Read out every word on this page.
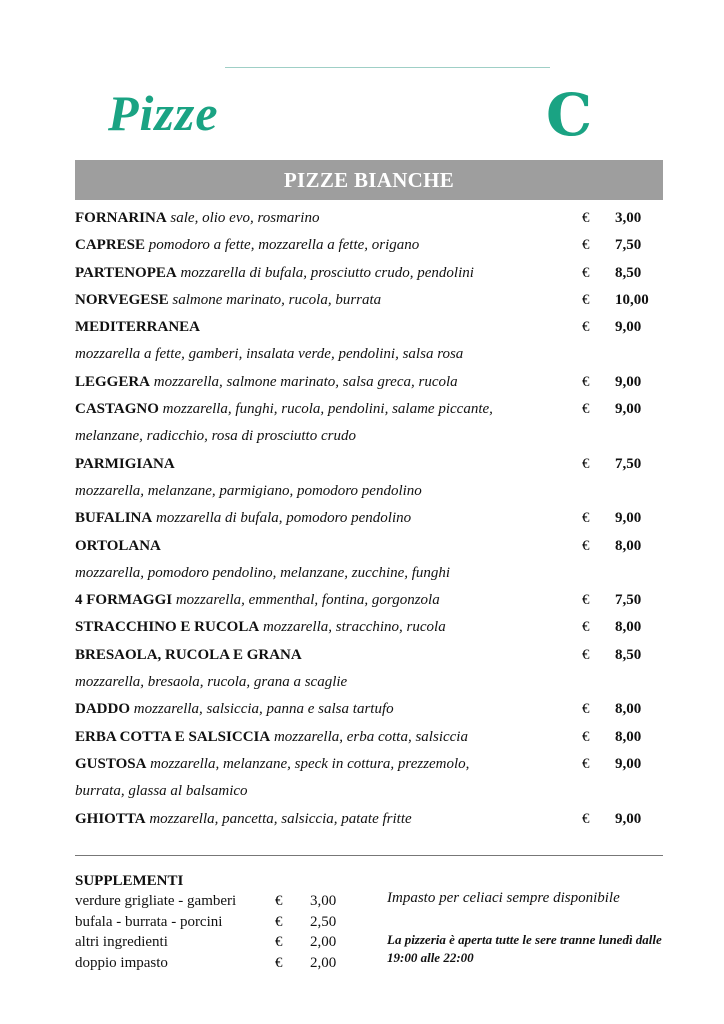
Pizze	C
PIZZE BIANCHE
FORNARINA sale, olio evo, rosmarino	€ 3,00
CAPRESE pomodoro a fette, mozzarella a fette, origano	€ 7,50
PARTENOPEA mozzarella di bufala, prosciutto crudo, pendolini	€ 8,50
NORVEGESE salmone marinato, rucola, burrata	€ 10,00
MEDITERRANEA	€ 9,00
mozzarella a fette, gamberi, insalata verde, pendolini, salsa rosa
LEGGERA mozzarella, salmone marinato, salsa greca, rucola	€ 9,00
CASTAGNO mozzarella, funghi, rucola, pendolini, salame piccante,	€ 9,00
melanzane, radicchio, rosa di prosciutto crudo
PARMIGIANA	€ 7,50
mozzarella, melanzane, parmigiano, pomodoro pendolino
BUFALINA mozzarella di bufala, pomodoro pendolino	€ 9,00
ORTOLANA	€ 8,00
mozzarella, pomodoro pendolino, melanzane, zucchine, funghi
4 FORMAGGI mozzarella, emmenthal, fontina, gorgonzola	€ 7,50
STRACCHINO E RUCOLA mozzarella, stracchino, rucola	€ 8,00
BRESAOLA, RUCOLA E GRANA	€ 8,50
mozzarella, bresaola, rucola, grana a scaglie
DADDO mozzarella, salsiccia, panna e salsa tartufo	€ 8,00
ERBA COTTA E SALSICCIA mozzarella, erba cotta, salsiccia	€ 8,00
GUSTOSA mozzarella, melanzane, speck in cottura, prezzemolo,	€ 9,00
burrata, glassa al balsamico
GHIOTTA mozzarella, pancetta, salsiccia, patate fritte	€ 9,00
SUPPLEMENTI
verdure grigliate - gamberi	€ 3,00
bufala - burrata - porcini	€ 2,50
altri ingredienti	€ 2,00
doppio impasto	€ 2,00
Impasto per celiaci sempre disponibile
La pizzeria è aperta tutte le sere tranne lunedì dalle 19:00 alle 22:00
